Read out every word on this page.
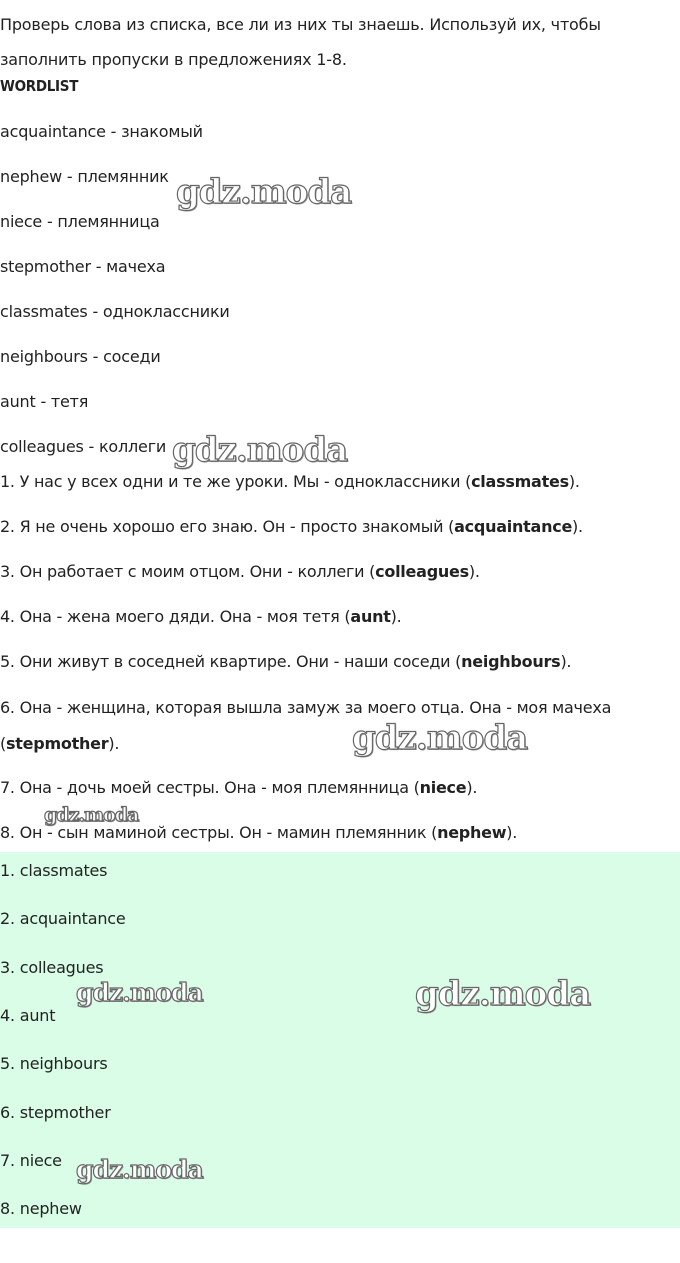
Проверь слова из списка, все ли из них ты знаешь. Используй их, чтобы заполнить пропуски в предложениях 1-8.
WORDLIST
acquaintance - знакомый
nephew - племянник
niece - племянница
stepmother - мачеха
classmates - одноклассники
neighbours - соседи
aunt - тетя
colleagues - коллеги
1. У нас у всех одни и те же уроки. Мы - одноклассники (classmates).
2. Я не очень хорошо его знаю. Он - просто знакомый (acquaintance).
3. Он работает с моим отцом. Они - коллеги (colleagues).
4. Она - жена моего дяди. Она - моя тетя (aunt).
5. Они живут в соседней квартире. Они - наши соседи (neighbours).
6. Она - женщина, которая вышла замуж за моего отца. Она - моя мачеха (stepmother).
7. Она - дочь моей сестры. Она - моя племянница (niece).
8. Он - сын маминой сестры. Он - мамин племянник (nephew).
1. classmates
2. acquaintance
3. colleagues
4. aunt
5. neighbours
6. stepmother
7. niece
8. nephew
gdz.moda
gdz.moda
gdz.moda
gdz.moda
gdz.moda	gdz.moda
gdz.moda
